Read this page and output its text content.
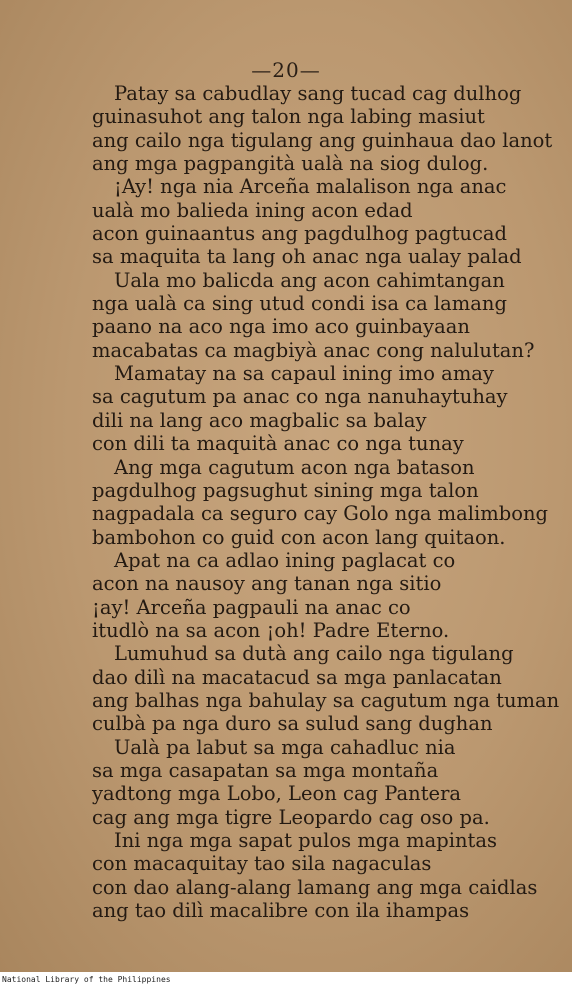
—20—
Patay sa cabudlay sang tucad cag dulhog
guinasuhot ang talon nga labing masiut
ang cailo nga tigulang ang guinhaua dao lanot
ang mga pagpangità ualà na siog dulog.
¡Ay! nga nia Arceña malalison nga anac
ualà mo balieda ining acon edad
acon guinaantus ang pagdulhog pagtucad
sa maquita ta lang oh anac nga ualay palad
Uala mo balicda ang acon cahimtangan
nga ualà ca sing utud condi isa ca lamang
paano na aco nga imo aco guinbayaan
macabatas ca magbiyà anac cong nalulutan?
Mamatay na sa capaul ining imo amay
sa cagutum pa anac co nga nanuhaytuhay
dili na lang aco magbalic sa balay
con dili ta maquità anac co nga tunay
Ang mga cagutum acon nga batason
pagdulhog pagsughut sining mga talon
nagpadala ca seguro cay Golo nga malimbong
bambohon co guid con acon lang quitaon.
Apat na ca adlao ining paglacat co
acon na nausoy ang tanan nga sitio
¡ay! Arceña pagpauli na anac co
itudlò na sa acon ¡oh! Padre Eterno.
Lumuhud sa dutà ang cailo nga tigulang
dao dilì na macatacud sa mga panlacatan
ang balhas nga bahulay sa cagutum nga tuman
culbà pa nga duro sa sulud sang dughan
Ualà pa labut sa mga cahadluc nia
sa mga casapatan sa mga montaña
yadtong mga Lobo, Leon cag Pantera
cag ang mga tigre Leopardo cag oso pa.
Ini nga mga sapat pulos mga mapintas
con macaquitay tao sila nagaculas
con dao alang-alang lamang ang mga caidlas
ang tao dilì macalibre con ila ihampas
National Library of the Philippines
